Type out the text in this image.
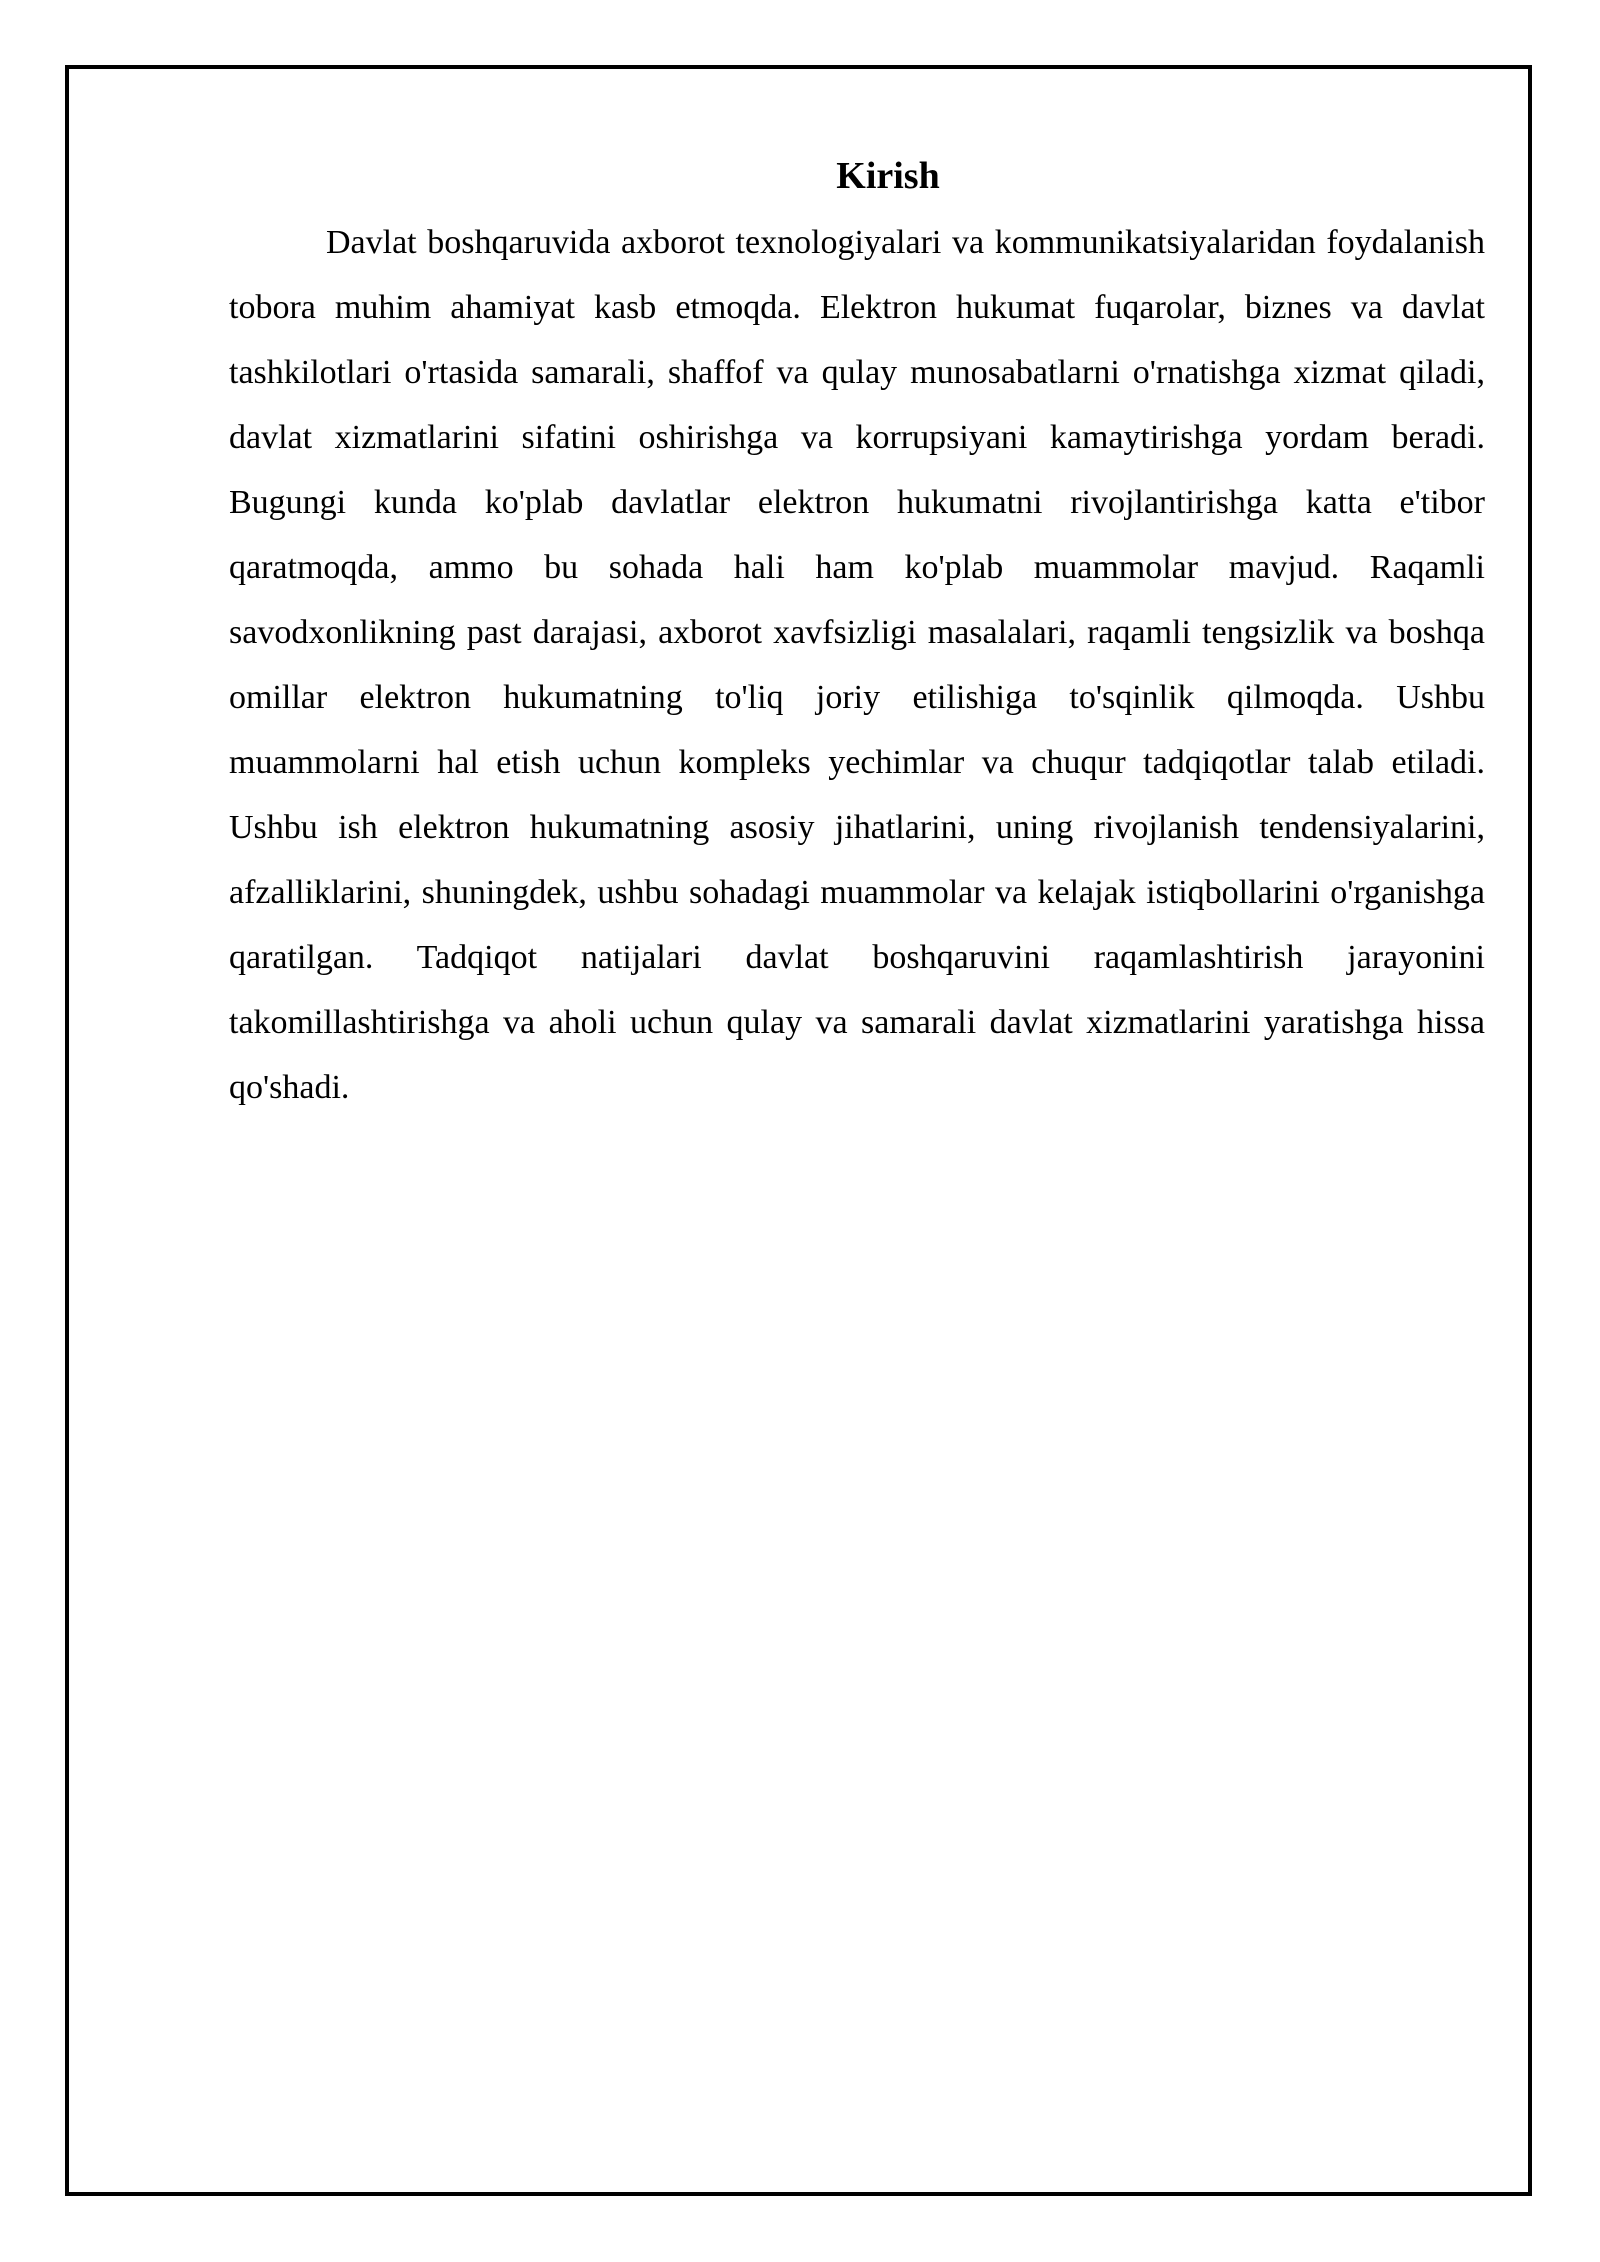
Kirish

Davlat boshqaruvida axborot texnologiyalari va kommunikatsiyalaridan foydalanish tobora muhim ahamiyat kasb etmoqda. Elektron hukumat fuqarolar, biznes va davlat tashkilotlari o'rtasida samarali, shaffof va qulay munosabatlarni o'rnatishga xizmat qiladi, davlat xizmatlarini sifatini oshirishga va korrupsiyani kamaytirishga yordam beradi. Bugungi kunda ko'plab davlatlar elektron hukumatni rivojlantirishga katta e'tibor qaratmoqda, ammo bu sohada hali ham ko'plab muammolar mavjud. Raqamli savodxonlikning past darajasi, axborot xavfsizligi masalalari, raqamli tengsizlik va boshqa omillar elektron hukumatning to'liq joriy etilishiga to'sqinlik qilmoqda. Ushbu muammolarni hal etish uchun kompleks yechimlar va chuqur tadqiqotlar talab etiladi. Ushbu ish elektron hukumatning asosiy jihatlarini, uning rivojlanish tendensiyalarini, afzalliklarini, shuningdek, ushbu sohadagi muammolar va kelajak istiqbollarini o'rganishga qaratilgan. Tadqiqot natijalari davlat boshqaruvini raqamlashtirish jarayonini takomillashtirishga va aholi uchun qulay va samarali davlat xizmatlarini yaratishga hissa qo'shadi.
